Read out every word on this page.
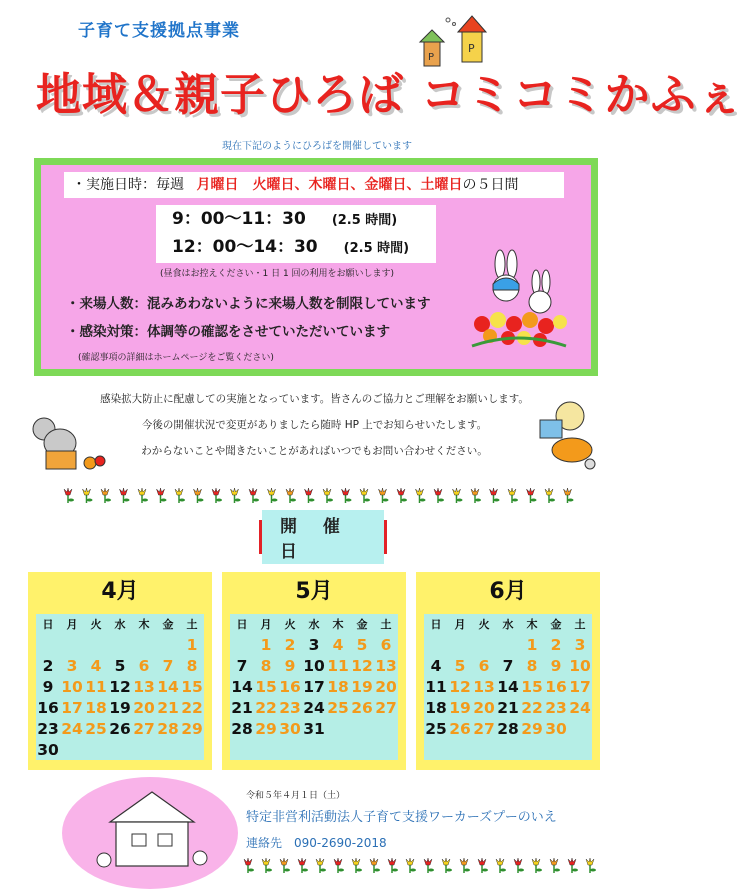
子育て支援拠点事業
P
P
地域＆親子ひろば コミコミかふぇ
現在下記のようにひろばを開催しています
・実施日時：毎週 月曜日　火曜日、木曜日、金曜日、土曜日の５日間
9：00〜11：30 (2.5 時間)
12：00〜14：30 (2.5 時間)
(昼食はお控えください・1 日 1 回の利用をお願いします)
・来場人数：混みあわないように来場人数を制限しています
・感染対策：体調等の確認をさせていただいています
(確認事項の詳細はホームページをご覧ください)
感染拡大防止に配慮しての実施となっています。皆さんのご協力とご理解をお願いします。
今後の開催状況で変更がありましたら随時 HP 上でお知らせいたします。
わからないことや聞きたいことがあればいつでもお問い合わせください。
開 催 日
4月
日	月	火	水	木	金	土
						1
2	3	4	5	6	7	8
9	10	11	12	13	14	15
16	17	18	19	20	21	22
23	24	25	26	27	28	29
30						
5月
日	月	火	水	木	金	土
	1	2	3	4	5	6
7	8	9	10	11	12	13
14	15	16	17	18	19	20
21	22	23	24	25	26	27
28	29	30	31			

6月
日	月	火	水	木	金	土
				1	2	3
4	5	6	7	8	9	10
11	12	13	14	15	16	17
18	19	20	21	22	23	24
25	26	27	28	29	30	

令和５年４月１日（土）
特定非営利活動法人子育て支援ワーカーズプーのいえ
連絡先　090-2690-2018
